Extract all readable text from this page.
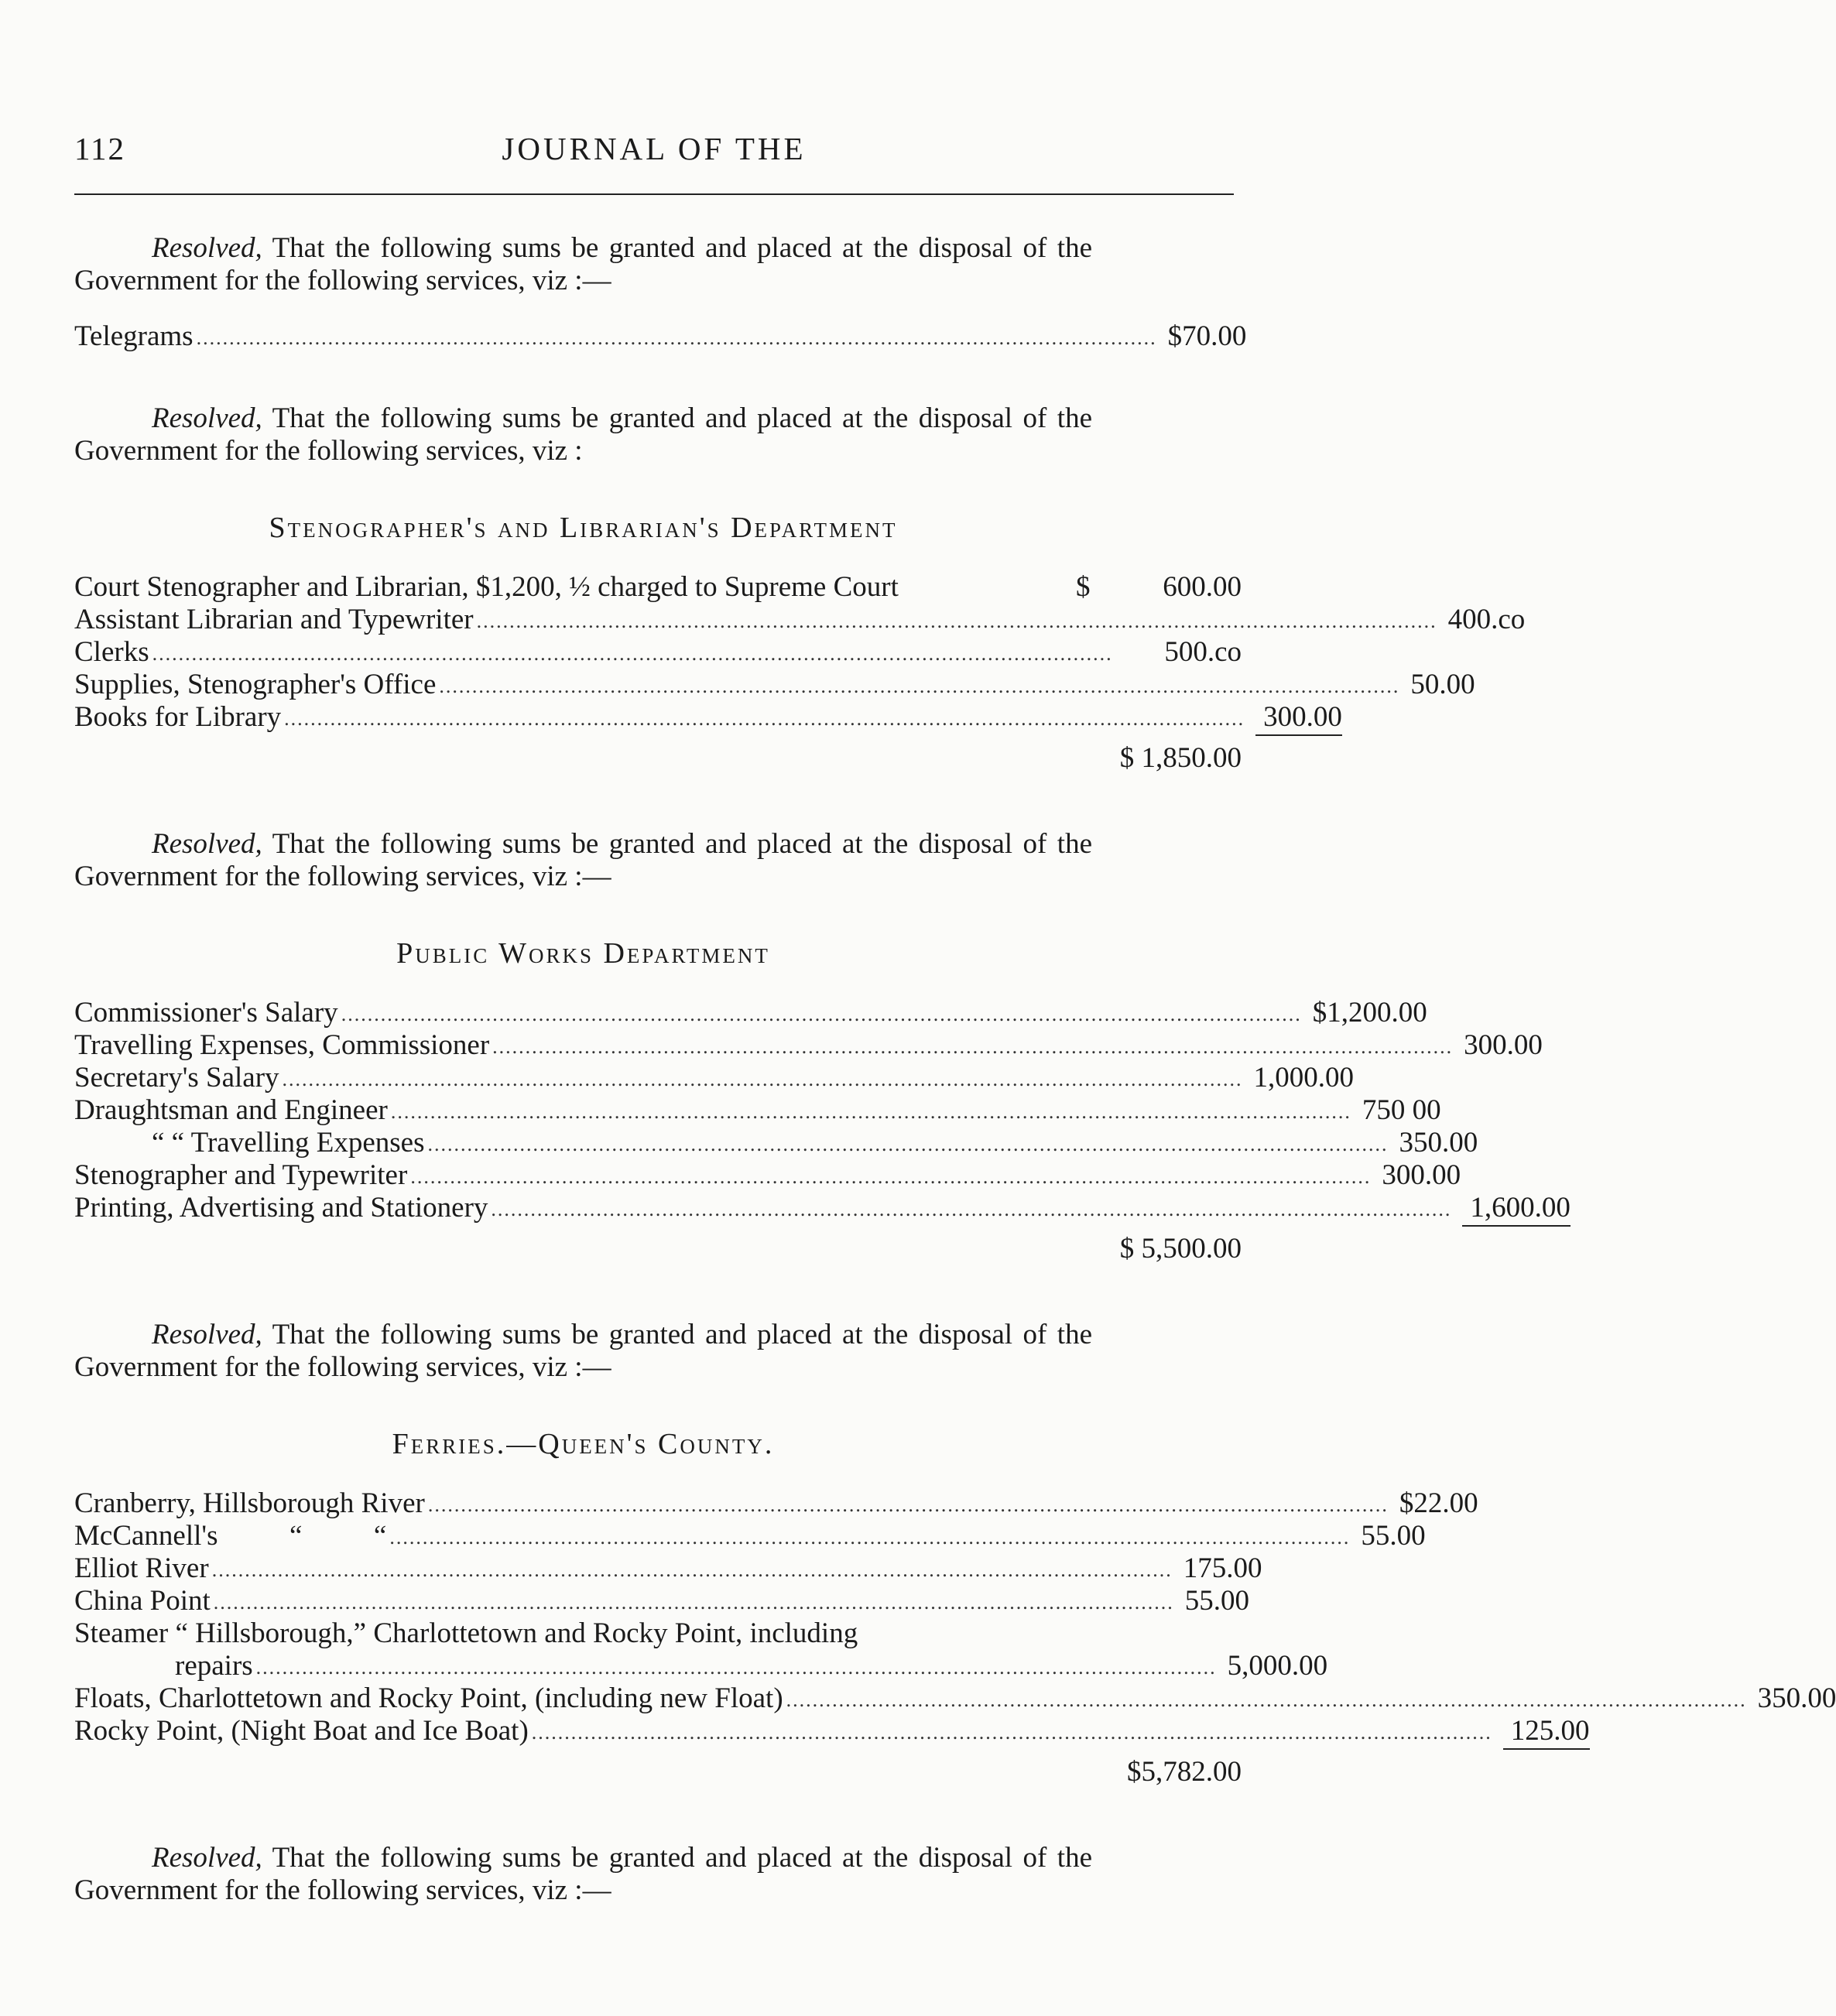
112	JOURNAL OF THE

Resolved, That the following sums be granted and placed at the disposal of the Government for the following services, viz :—

Telegrams .................................................................................................................................................. $ 70.00

Resolved, That the following sums be granted and placed at the disposal of the Government for the following services, viz :

Stenographer's and Librarian's Department
Court Stenographer and Librarian, $1,200, ½ charged to Supreme Court	$	600.00
Assistant Librarian and Typewriter .................................................................................................................................................. 400.co
Clerks ..................................................................................................................................................	500.co
Supplies, Stenographer's Office .................................................................................................................................................. 50.00
Books for Library .................................................................................................................................................. 300.00
$ 1,850.00

Resolved, That the following sums be granted and placed at the disposal of the Government for the following services, viz :—

Public Works Department
Commissioner's Salary .................................................................................................................................................. $ 1,200.00
Travelling Expenses, Commissioner .................................................................................................................................................. 300.00
Secretary's Salary .................................................................................................................................................. 1,000.00
Draughtsman and Engineer .................................................................................................................................................. 750 00
“ “ Travelling Expenses .................................................................................................................................................. 350.00
Stenographer and Typewriter .................................................................................................................................................. 300.00
Printing, Advertising and Stationery .................................................................................................................................................. 1,600.00
$ 5,500.00

Resolved, That the following sums be granted and placed at the disposal of the Government for the following services, viz :—

Ferries.—Queen's County.
Cranberry, Hillsborough River .................................................................................................................................................. $ 22.00
McCannell's          “          “ .................................................................................................................................................. 55.00
Elliot River .................................................................................................................................................. 175.00
China Point .................................................................................................................................................. 55.00
Steamer “ Hillsborough,” Charlottetown and Rocky Point, including
repairs .................................................................................................................................................. 5,000.00
Floats, Charlottetown and Rocky Point, (including new Float) .................................................................................................................................................. 350.00
Rocky Point, (Night Boat and Ice Boat) .................................................................................................................................................. 125.00
$5,782.00

Resolved, That the following sums be granted and placed at the disposal of the Government for the following services, viz :—
